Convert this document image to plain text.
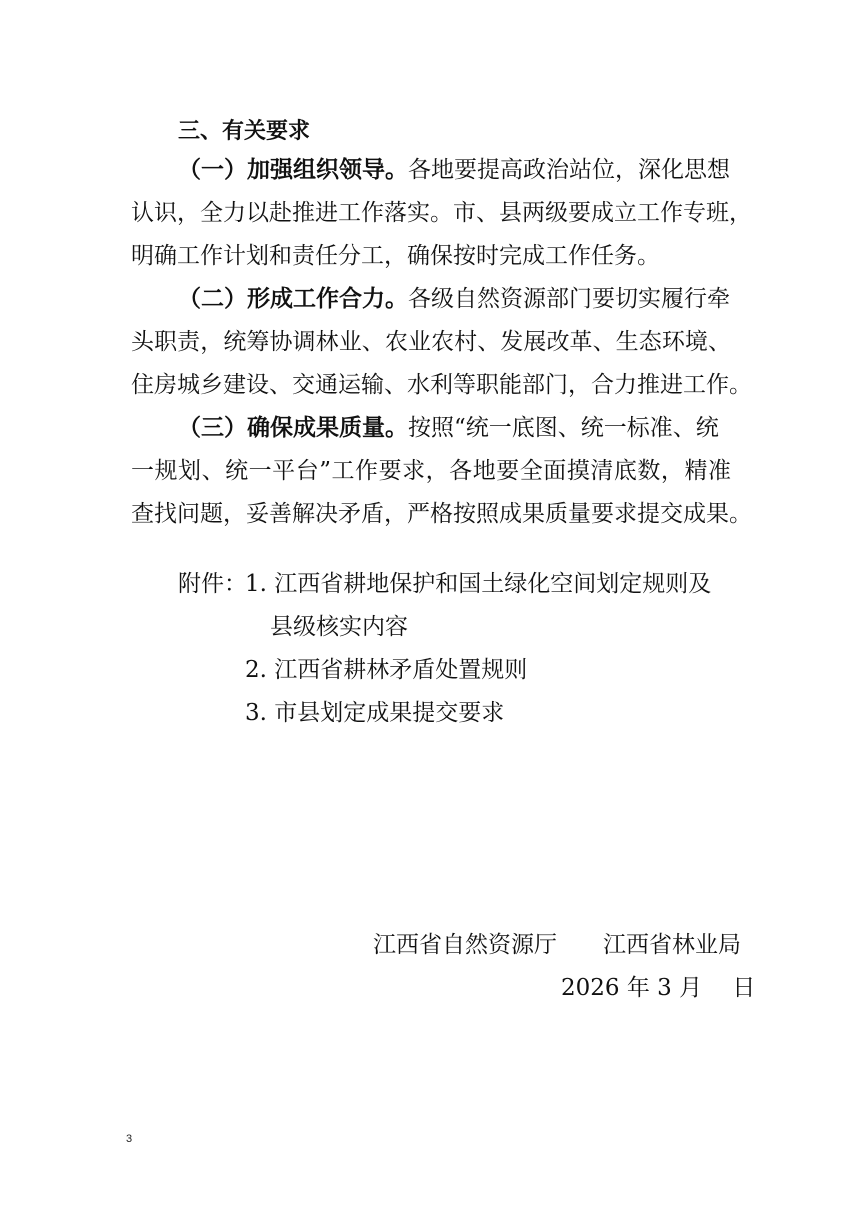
三、有关要求
（一）加强组织领导。各地要提高政治站位，深化思想
认识，全力以赴推进工作落实。市、县两级要成立工作专班，
明确工作计划和责任分工，确保按时完成工作任务。
（二）形成工作合力。各级自然资源部门要切实履行牵
头职责，统筹协调林业、农业农村、发展改革、生态环境、
住房城乡建设、交通运输、水利等职能部门，合力推进工作。
（三）确保成果质量。按照“统一底图、统一标准、统
一规划、统一平台”工作要求，各地要全面摸清底数，精准
查找问题，妥善解决矛盾，严格按照成果质量要求提交成果。
附件：
1. 江西省耕地保护和国土绿化空间划定规则及
县级核实内容
2. 江西省耕林矛盾处置规则
3. 市县划定成果提交要求
江西省自然资源厅　　江西省林业局
2026 年 3 月　 日
3
